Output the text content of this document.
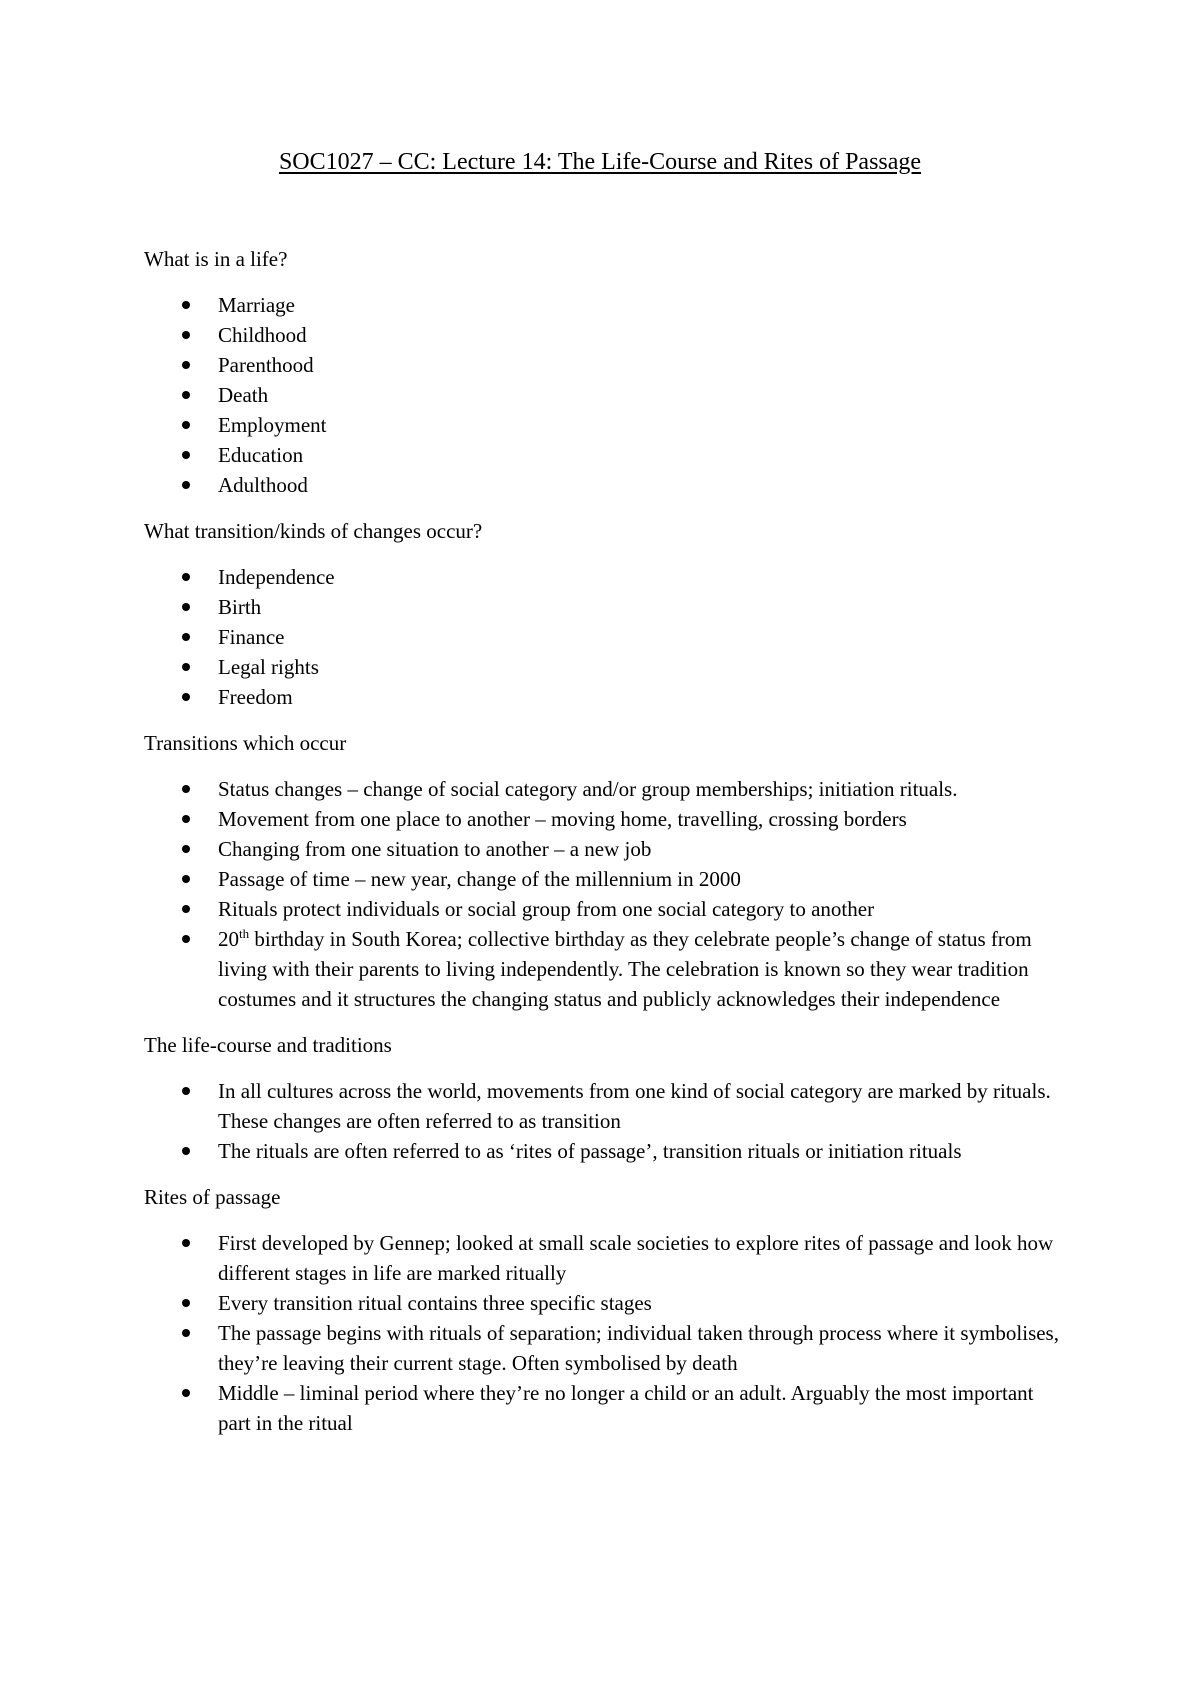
SOC1027 – CC: Lecture 14: The Life-Course and Rites of Passage

What is in a life?

Marriage
Childhood
Parenthood
Death
Employment
Education
Adulthood

What transition/kinds of changes occur?

Independence
Birth
Finance
Legal rights
Freedom

Transitions which occur

Status changes – change of social category and/or group memberships; initiation rituals.
Movement from one place to another – moving home, travelling, crossing borders
Changing from one situation to another – a new job
Passage of time – new year, change of the millennium in 2000
Rituals protect individuals or social group from one social category to another
20th birthday in South Korea; collective birthday as they celebrate people’s change of status from living with their parents to living independently. The celebration is known so they wear tradition costumes and it structures the changing status and publicly acknowledges their independence

The life-course and traditions

In all cultures across the world, movements from one kind of social category are marked by rituals. These changes are often referred to as transition
The rituals are often referred to as ‘rites of passage’, transition rituals or initiation rituals

Rites of passage

First developed by Gennep; looked at small scale societies to explore rites of passage and look how different stages in life are marked ritually
Every transition ritual contains three specific stages
The passage begins with rituals of separation; individual taken through process where it symbolises, they’re leaving their current stage. Often symbolised by death
Middle – liminal period where they’re no longer a child or an adult. Arguably the most important part in the ritual
